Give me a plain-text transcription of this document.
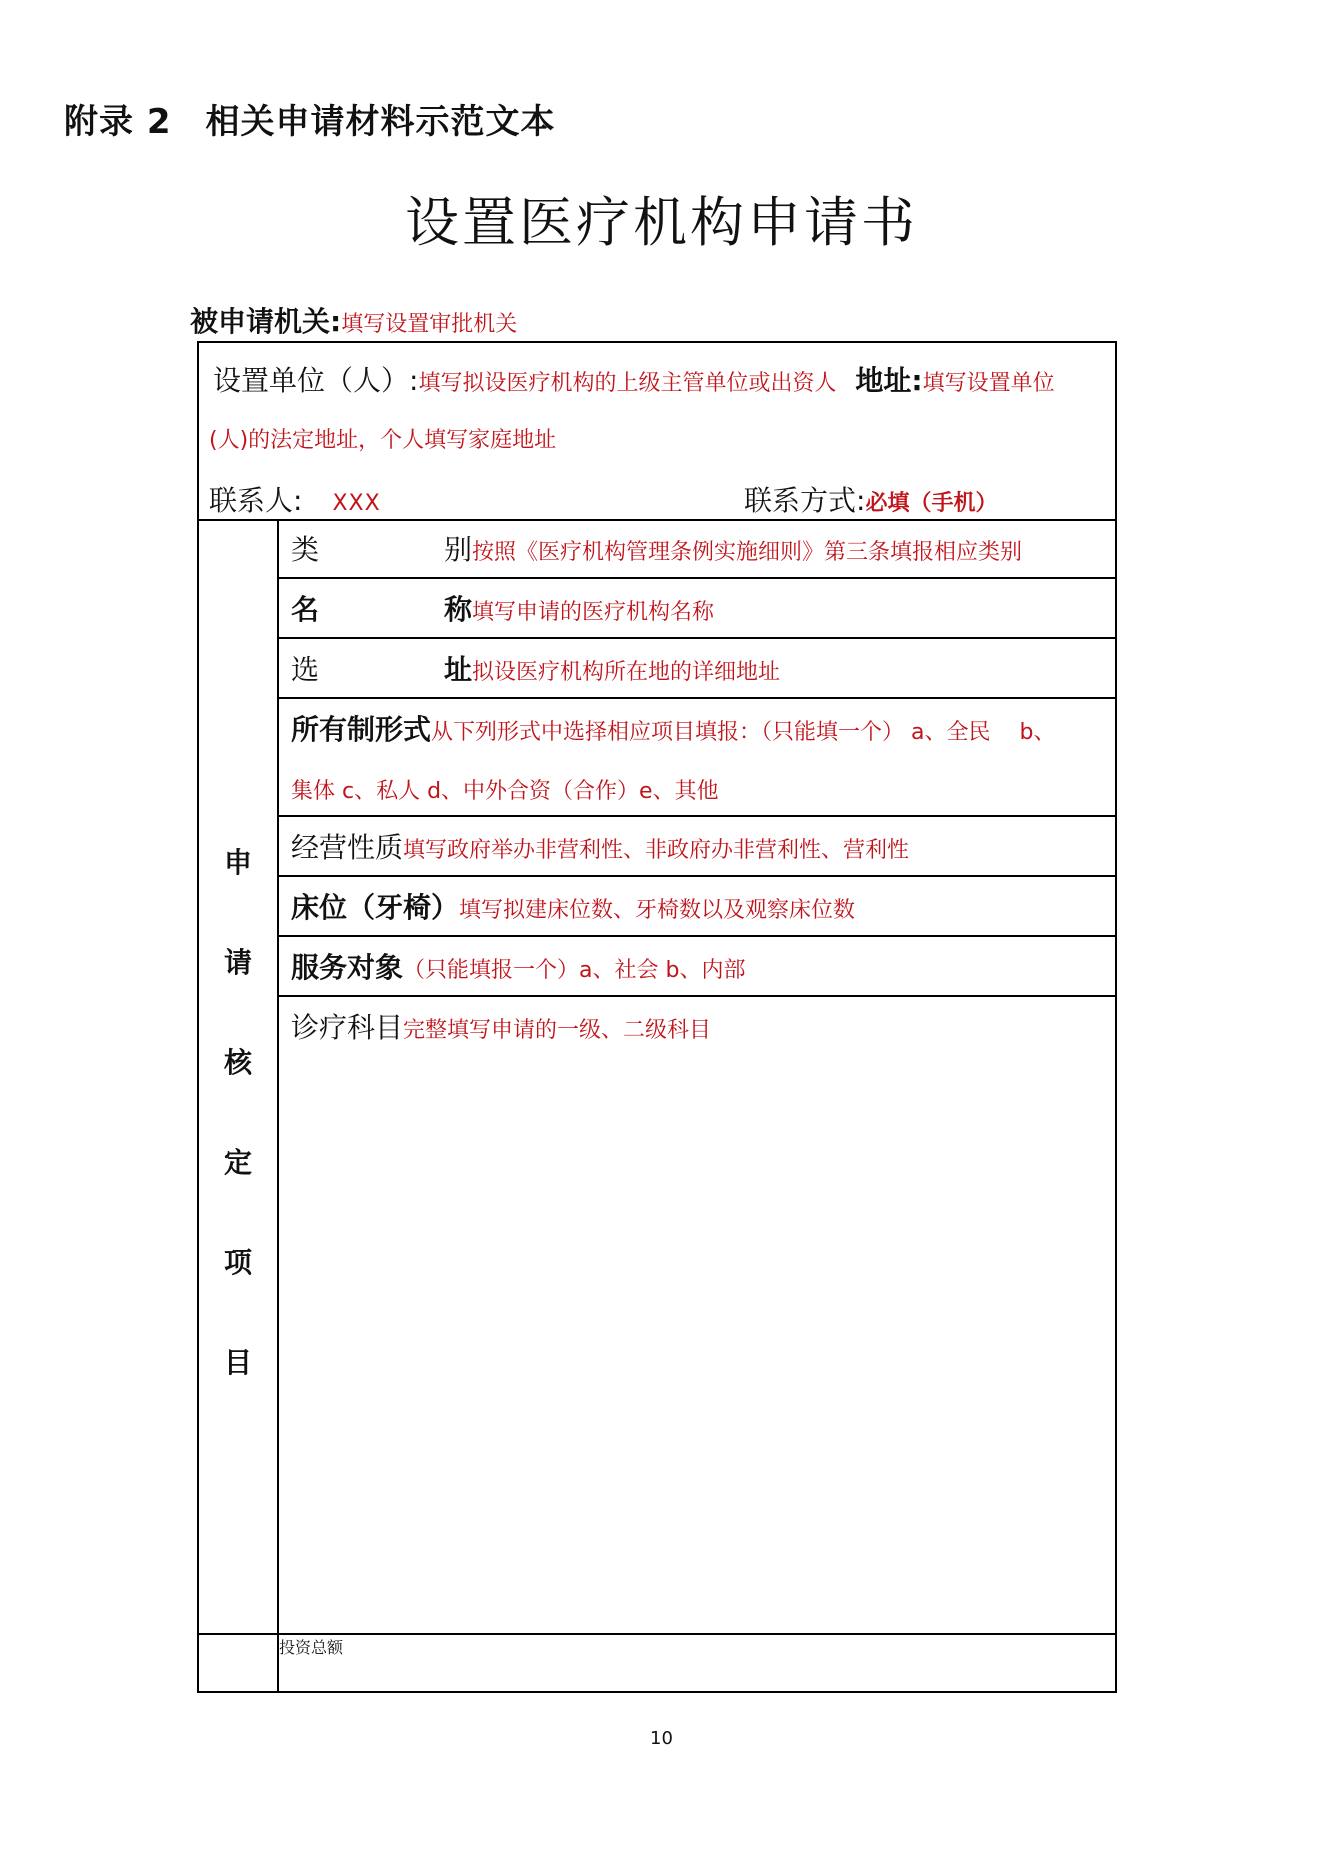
附录 2 相关申请材料示范文本
设置医疗机构申请书
被申请机关:填写设置审批机关
设置单位（人）:填写拟设医疗机构的上级主管单位或出资人 地址:填写设置单位
(人)的法定地址，个人填写家庭地址
联系人: XXX	联系方式:必填（手机）
申
请
核
定
项
目
类	别按照《医疗机构管理条例实施细则》第三条填报相应类别
名	称填写申请的医疗机构名称
选	址拟设医疗机构所在地的详细地址
所有制形式从下列形式中选择相应项目填报：（只能填一个） a、全民　 b、
集体 c、私人 d、中外合资（合作）e、其他
经营性质填写政府举办非营利性、非政府办非营利性、营利性
床位（牙椅）填写拟建床位数、牙椅数以及观察床位数
服务对象（只能填报一个）a、社会 b、内部
诊疗科目完整填写申请的一级、二级科目
投资总额
10
